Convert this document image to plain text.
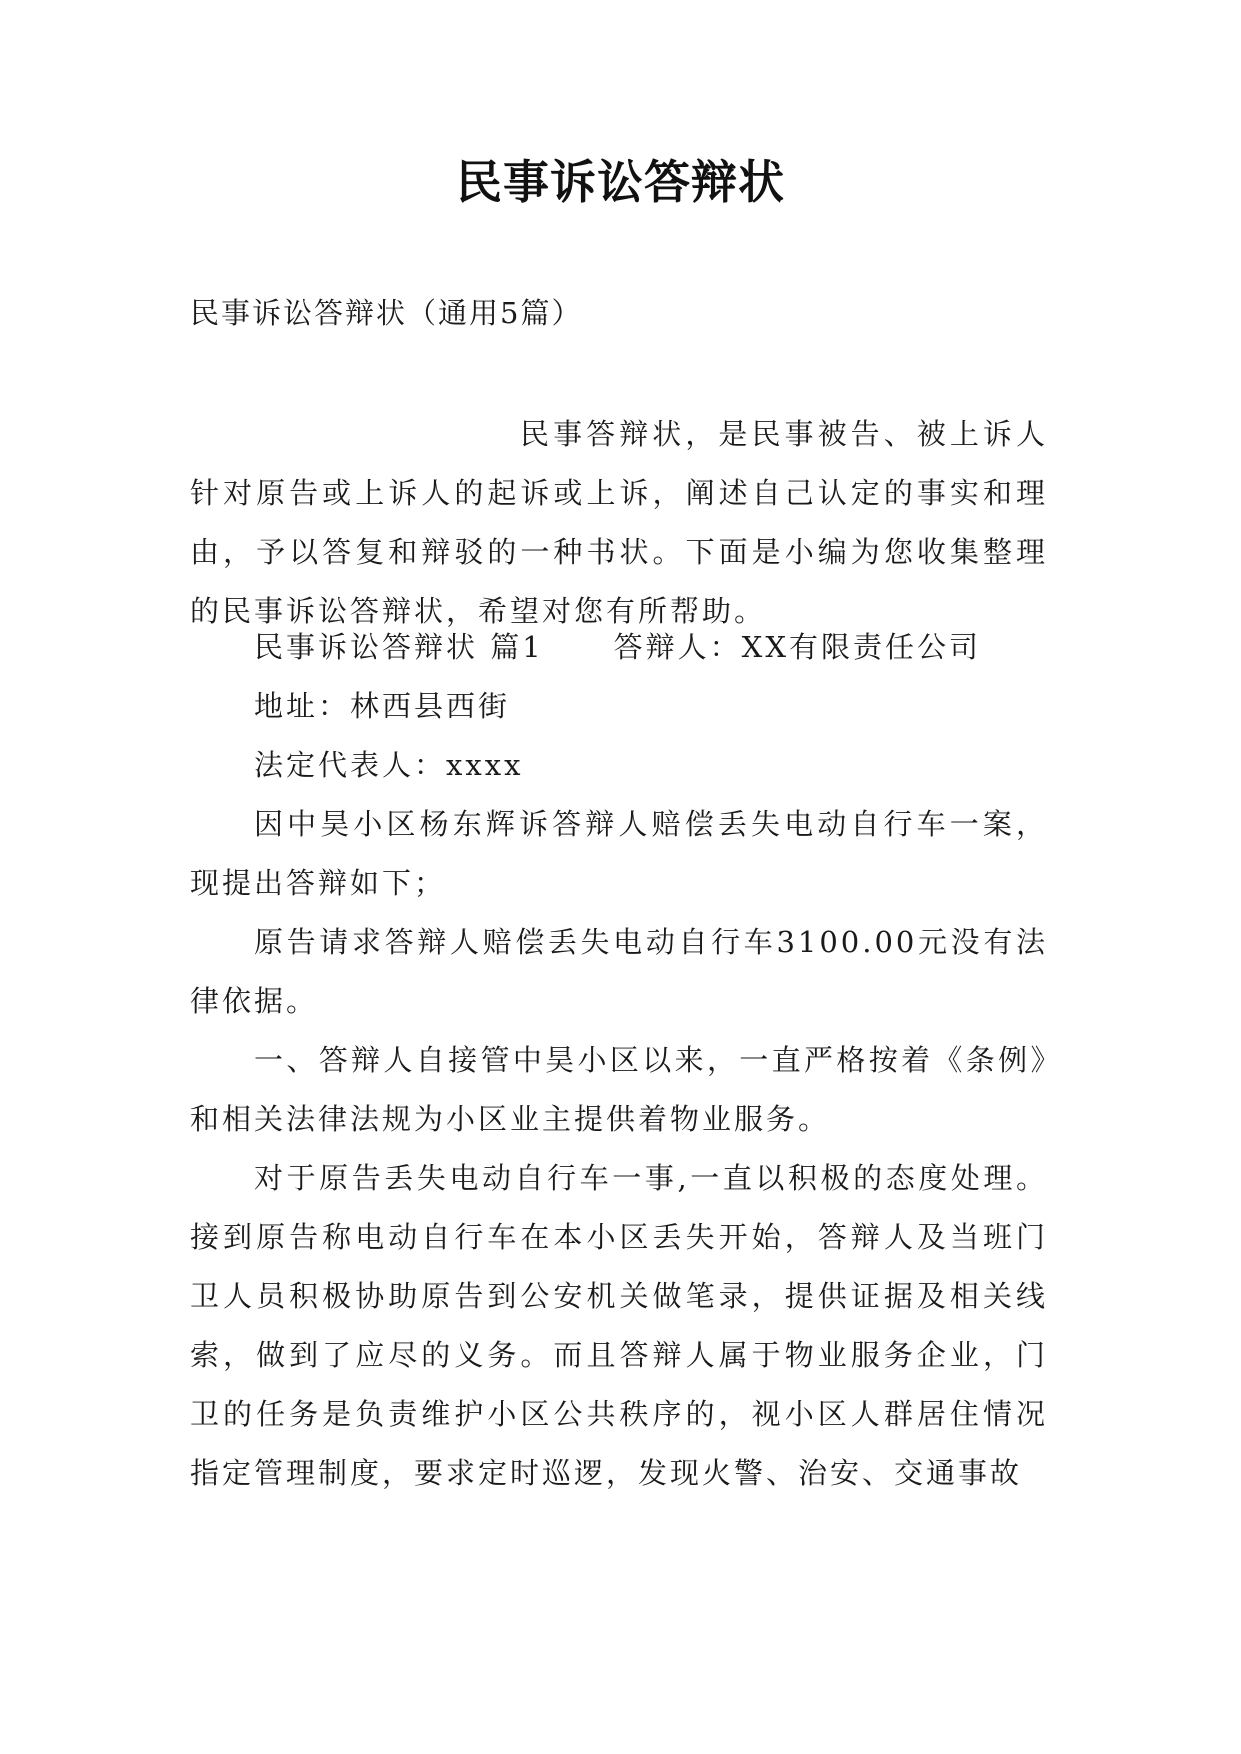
民事诉讼答辩状

民事诉讼答辩状（通用5篇）

民事答辩状，是民事被告、被上诉人针对原告或上诉人的起诉或上诉，阐述自己认定的事实和理由，予以答复和辩驳的一种书状。下面是小编为您收集整理的民事诉讼答辩状，希望对您有所帮助。

民事诉讼答辩状 篇1 答辩人：XX有限责任公司

地址：林西县西街

法定代表人：xxxx

因中昊小区杨东辉诉答辩人赔偿丢失电动自行车一案，现提出答辩如下；

原告请求答辩人赔偿丢失电动自行车3100.00元没有法律依据。

一、答辩人自接管中昊小区以来，一直严格按着《条例》和相关法律法规为小区业主提供着物业服务。

对于原告丢失电动自行车一事,一直以积极的态度处理。接到原告称电动自行车在本小区丢失开始，答辩人及当班门卫人员积极协助原告到公安机关做笔录，提供证据及相关线索，做到了应尽的义务。而且答辩人属于物业服务企业，门卫的任务是负责维护小区公共秩序的，视小区人群居住情况指定管理制度，要求定时巡逻，发现火警、治安、交通事故
